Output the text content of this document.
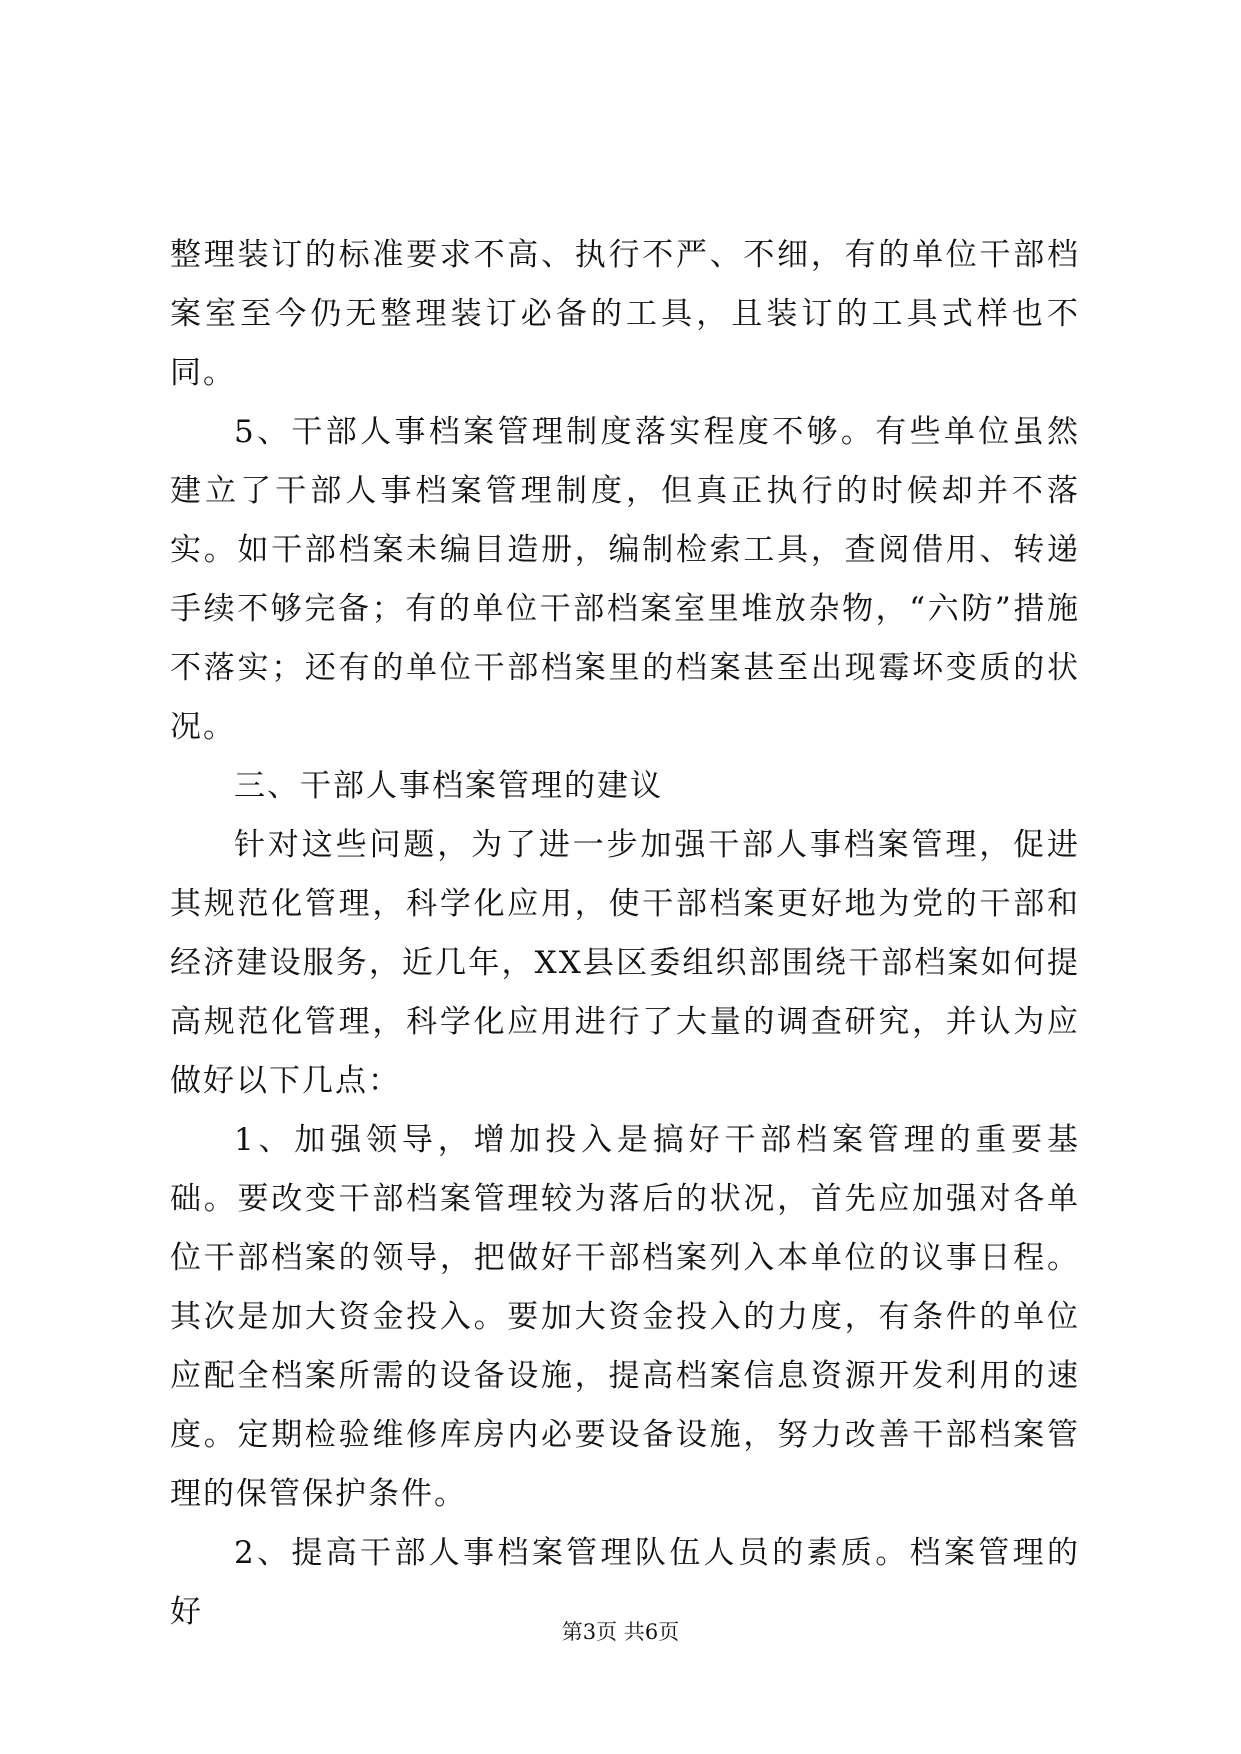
整理装订的标准要求不高、执行不严、不细，有的单位干部档案室至今仍无整理装订必备的工具，且装订的工具式样也不同。

5、干部人事档案管理制度落实程度不够。有些单位虽然建立了干部人事档案管理制度，但真正执行的时候却并不落实。如干部档案未编目造册，编制检索工具，查阅借用、转递手续不够完备；有的单位干部档案室里堆放杂物，“六防”措施不落实；还有的单位干部档案里的档案甚至出现霉坏变质的状况。

三、干部人事档案管理的建议

针对这些问题，为了进一步加强干部人事档案管理，促进其规范化管理，科学化应用，使干部档案更好地为党的干部和经济建设服务，近几年，XX县区委组织部围绕干部档案如何提高规范化管理，科学化应用进行了大量的调查研究，并认为应做好以下几点：

1、加强领导，增加投入是搞好干部档案管理的重要基础。要改变干部档案管理较为落后的状况，首先应加强对各单位干部档案的领导，把做好干部档案列入本单位的议事日程。其次是加大资金投入。要加大资金投入的力度，有条件的单位应配全档案所需的设备设施，提高档案信息资源开发利用的速度。定期检验维修库房内必要设备设施，努力改善干部档案管理的保管保护条件。

2、提高干部人事档案管理队伍人员的素质。档案管理的好

第3页 共6页
